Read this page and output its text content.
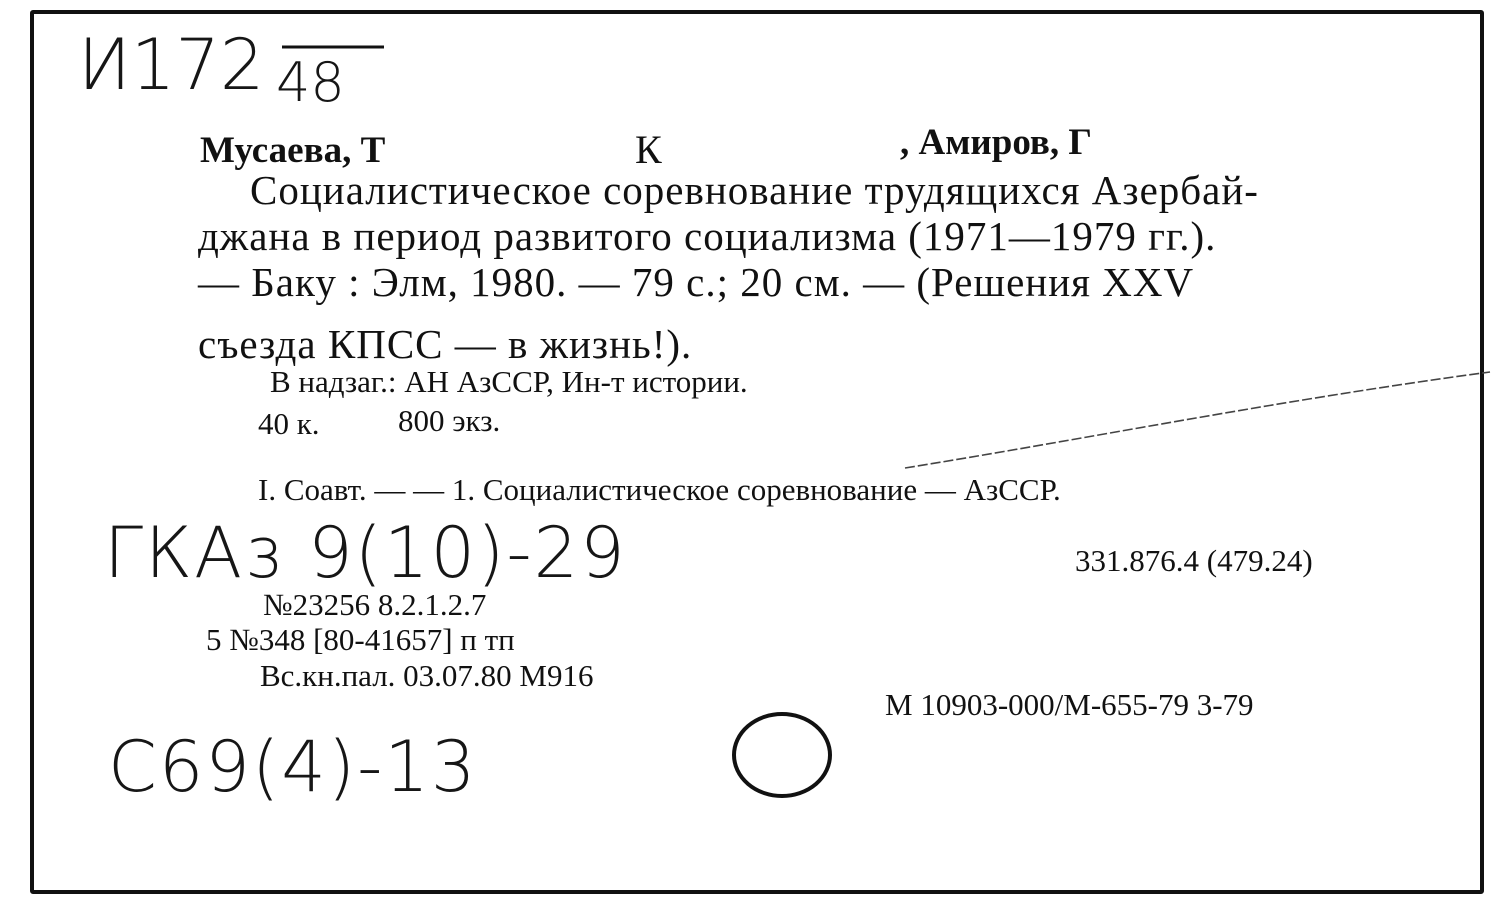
И172 48
ГКАз 9(10)-29
С69(4)-13
Мусаева, Т	К	, Амиров, Г
Социалистическое соревнование трудящихся Азербай-
джана в период развитого социализма (1971—1979 гг.).
— Баку : Элм, 1980. — 79 с.; 20 см. — (Решения XXV
съезда КПСС — в жизнь!).
В надзаг.: АН АзССР, Ин-т истории.
40 к.	800 экз.
I. Соавт. — — 1. Социалистическое соревнование — АзССР.
331.876.4 (479.24)
№23256 8.2.1.2.7
5 №348 [80-41657] п тп
Вс.кн.пал. 03.07.80 М916
М 10903-000/М-655-79 3-79
